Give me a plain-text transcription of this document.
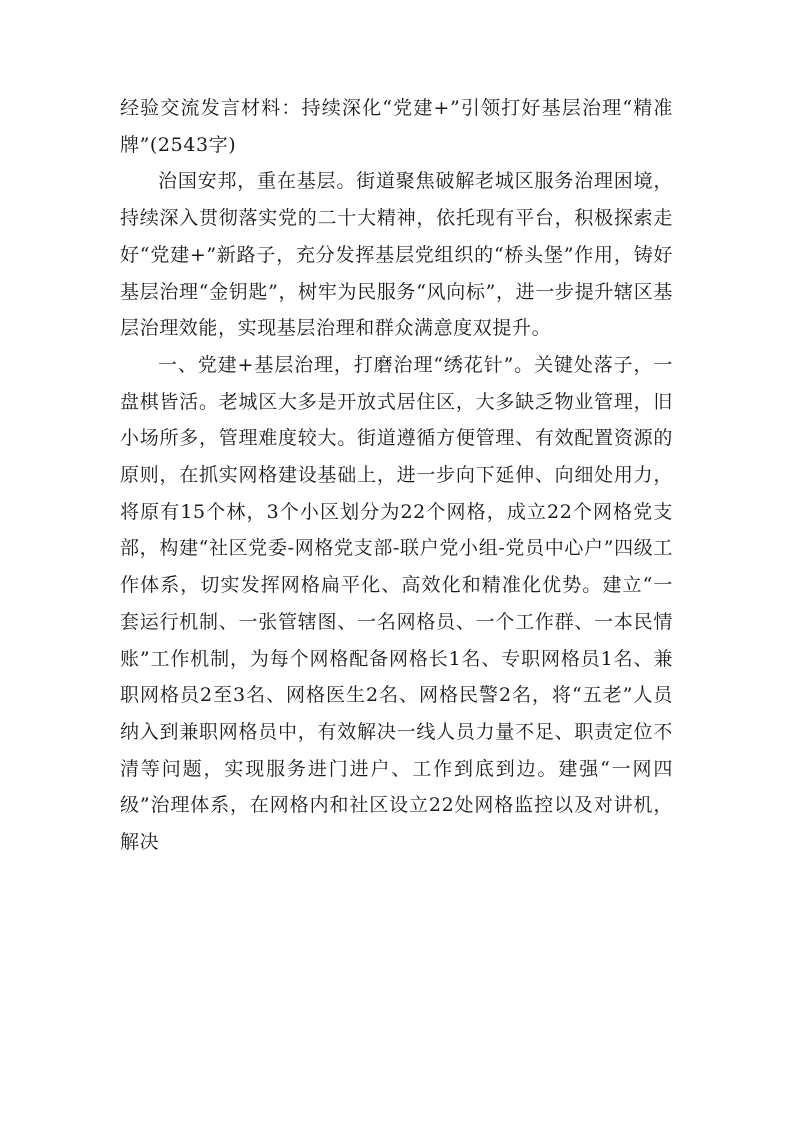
经验交流发言材料：持续深化“党建+”引领打好基层治理“精准牌”(2543字)

治国安邦，重在基层。街道聚焦破解老城区服务治理困境，持续深入贯彻落实党的二十大精神，依托现有平台，积极探索走好“党建+”新路子，充分发挥基层党组织的“桥头堡”作用，铸好基层治理“金钥匙”，树牢为民服务“风向标”，进一步提升辖区基层治理效能，实现基层治理和群众满意度双提升。

一、党建+基层治理，打磨治理“绣花针”。关键处落子，一盘棋皆活。老城区大多是开放式居住区，大多缺乏物业管理，旧小场所多，管理难度较大。街道遵循方便管理、有效配置资源的原则，在抓实网格建设基础上，进一步向下延伸、向细处用力，将原有15个林，3个小区划分为22个网格，成立22个网格党支部，构建“社区党委-网格党支部-联户党小组-党员中心户”四级工作体系，切实发挥网格扁平化、高效化和精准化优势。建立“一套运行机制、一张管辖图、一名网格员、一个工作群、一本民情账”工作机制，为每个网格配备网格长1名、专职网格员1名、兼职网格员2至3名、网格医生2名、网格民警2名，将“五老”人员纳入到兼职网格员中，有效解决一线人员力量不足、职责定位不清等问题，实现服务进门进户、工作到底到边。建强“一网四级”治理体系，在网格内和社区设立22处网格监控以及对讲机，解决
